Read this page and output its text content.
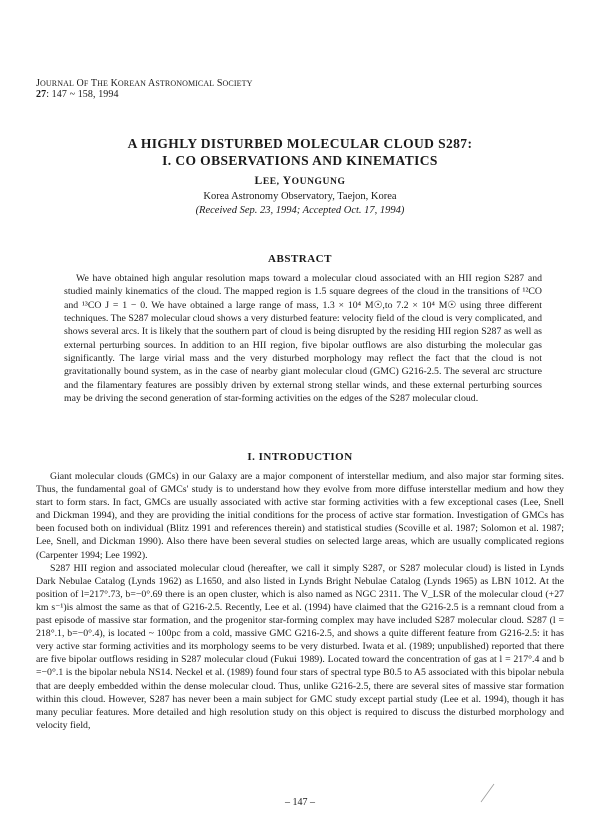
JOURNAL OF THE KOREAN ASTRONOMICAL SOCIETY
27: 147 ~ 158, 1994
A HIGHLY DISTURBED MOLECULAR CLOUD S287:
I. CO OBSERVATIONS AND KINEMATICS
LEE, YOUNGUNG
Korea Astronomy Observatory, Taejon, Korea
(Received Sep. 23, 1994; Accepted Oct. 17, 1994)
ABSTRACT
We have obtained high angular resolution maps toward a molecular cloud associated with an HII region S287 and studied mainly kinematics of the cloud. The mapped region is 1.5 square degrees of the cloud in the transitions of ¹²CO and ¹³CO J = 1 − 0. We have obtained a large range of mass, 1.3 × 10⁴ M☉,to 7.2 × 10⁴ M☉ using three different techniques. The S287 molecular cloud shows a very disturbed feature: velocity field of the cloud is very complicated, and shows several arcs. It is likely that the southern part of cloud is being disrupted by the residing HII region S287 as well as external perturbing sources. In addition to an HII region, five bipolar outflows are also disturbing the molecular gas significantly. The large virial mass and the very disturbed morphology may reflect the fact that the cloud is not gravitationally bound system, as in the case of nearby giant molecular cloud (GMC) G216-2.5. The several arc structure and the filamentary features are possibly driven by external strong stellar winds, and these external perturbing sources may be driving the second generation of star-forming activities on the edges of the S287 molecular cloud.
I. INTRODUCTION

Giant molecular clouds (GMCs) in our Galaxy are a major component of interstellar medium, and also major star forming sites. Thus, the fundamental goal of GMCs' study is to understand how they evolve from more diffuse interstellar medium and how they start to form stars. In fact, GMCs are usually associated with active star forming activities with a few exceptional cases (Lee, Snell and Dickman 1994), and they are providing the initial conditions for the process of active star formation. Investigation of GMCs has been focused both on individual (Blitz 1991 and references therein) and statistical studies (Scoville et al. 1987; Solomon et al. 1987; Lee, Snell, and Dickman 1990). Also there have been several studies on selected large areas, which are usually complicated regions (Carpenter 1994; Lee 1992).

S287 HII region and associated molecular cloud (hereafter, we call it simply S287, or S287 molecular cloud) is listed in Lynds Dark Nebulae Catalog (Lynds 1962) as L1650, and also listed in Lynds Bright Nebulae Catalog (Lynds 1965) as LBN 1012. At the position of l=217°.73, b=−0°.69 there is an open cluster, which is also named as NGC 2311. The V_LSR of the molecular cloud (+27 km s⁻¹)is almost the same as that of G216-2.5. Recently, Lee et al. (1994) have claimed that the G216-2.5 is a remnant cloud from a past episode of massive star formation, and the progenitor star-forming complex may have included S287 molecular cloud. S287 (l = 218°.1, b=−0°.4), is located ~ 100pc from a cold, massive GMC G216-2.5, and shows a quite different feature from G216-2.5: it has very active star forming activities and its morphology seems to be very disturbed. Iwata et al. (1989; unpublished) reported that there are five bipolar outflows residing in S287 molecular cloud (Fukui 1989). Located toward the concentration of gas at l = 217°.4 and b =−0°.1 is the bipolar nebula NS14. Neckel et al. (1989) found four stars of spectral type B0.5 to A5 associated with this bipolar nebula that are deeply embedded within the dense molecular cloud. Thus, unlike G216-2.5, there are several sites of massive star formation within this cloud. However, S287 has never been a main subject for GMC study except partial study (Lee et al. 1994), though it has many peculiar features. More detailed and high resolution study on this object is required to discuss the disturbed morphology and velocity field,

– 147 –
